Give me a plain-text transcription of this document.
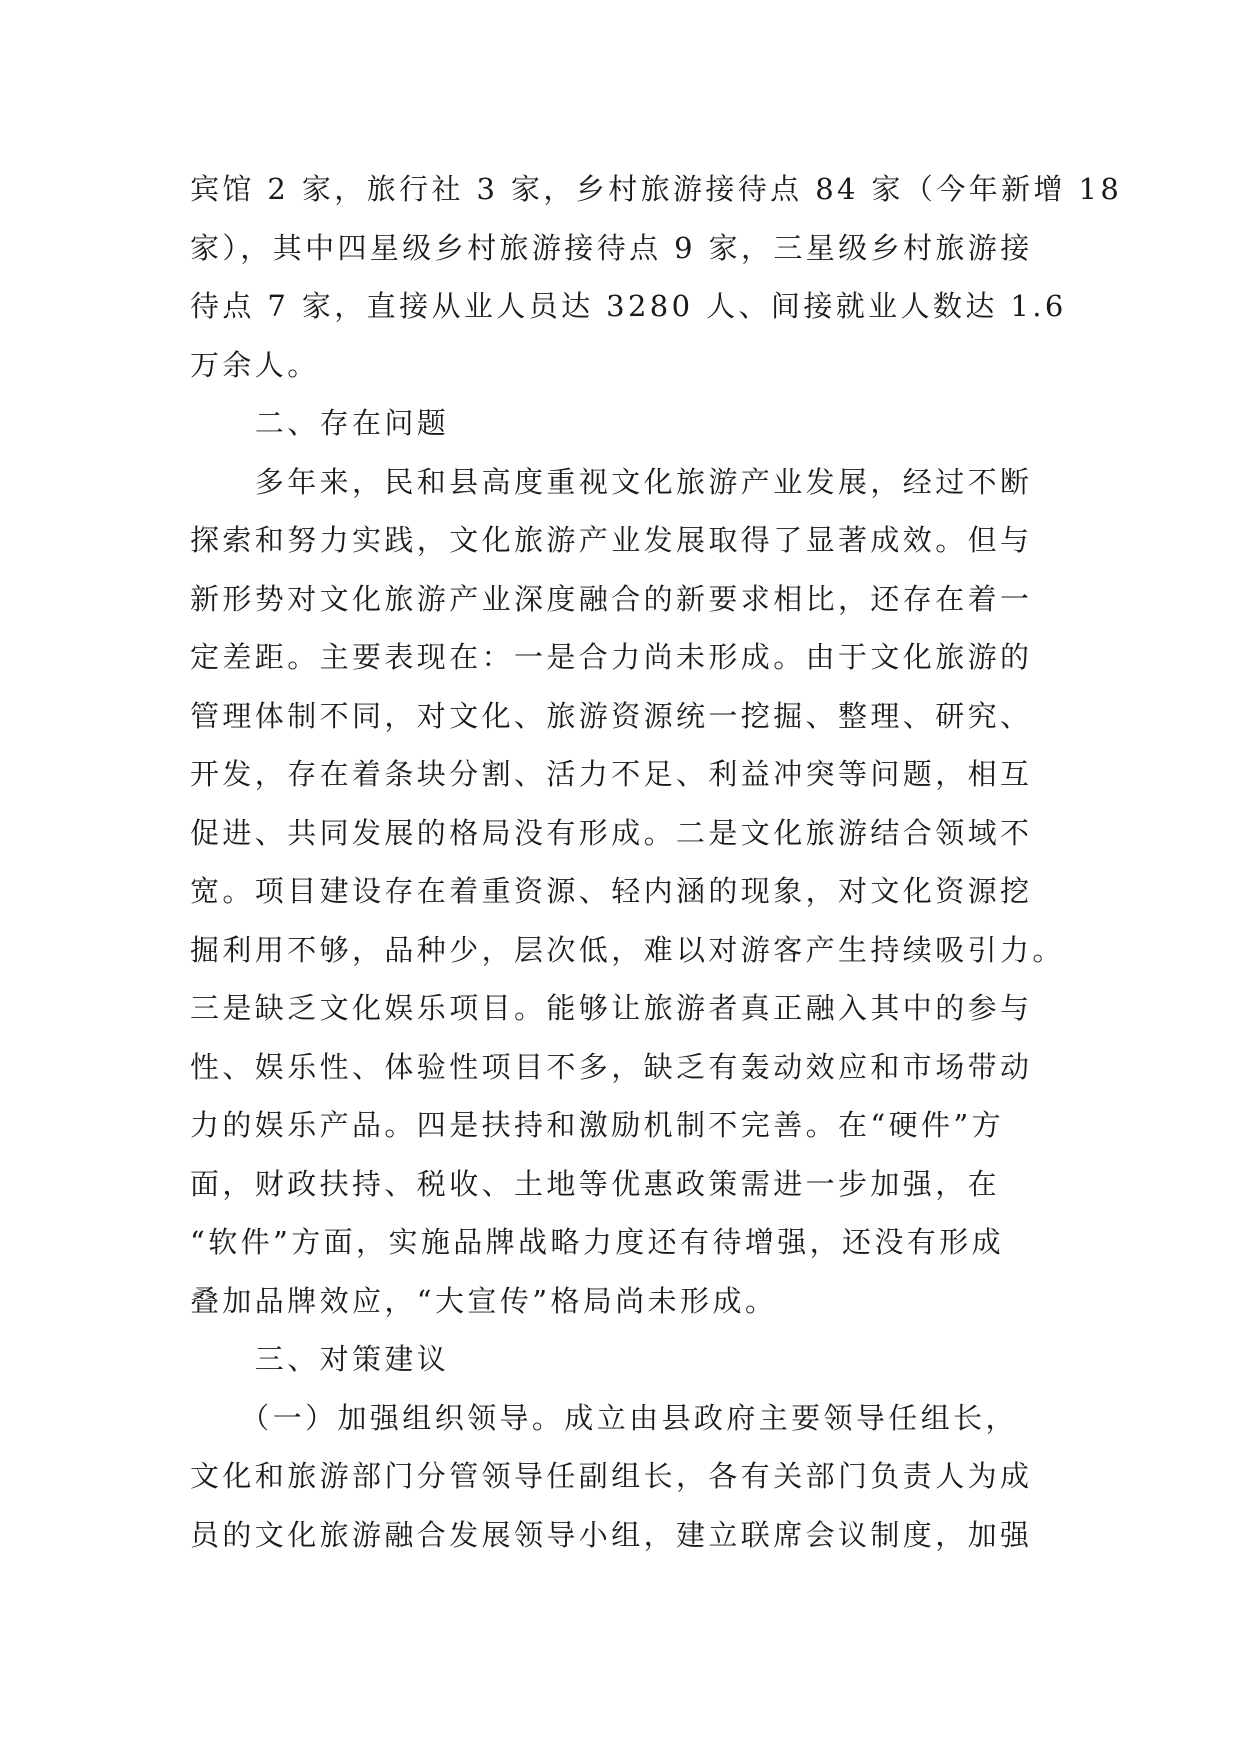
宾馆 2 家，旅行社 3 家，乡村旅游接待点 84 家（今年新增 18
家），其中四星级乡村旅游接待点 9 家，三星级乡村旅游接
待点 7 家，直接从业人员达 3280 人、间接就业人数达 1.6
万余人。
　　二、存在问题
　　多年来，民和县高度重视文化旅游产业发展，经过不断
探索和努力实践，文化旅游产业发展取得了显著成效。但与
新形势对文化旅游产业深度融合的新要求相比，还存在着一
定差距。主要表现在：一是合力尚未形成。由于文化旅游的
管理体制不同，对文化、旅游资源统一挖掘、整理、研究、
开发，存在着条块分割、活力不足、利益冲突等问题，相互
促进、共同发展的格局没有形成。二是文化旅游结合领域不
宽。项目建设存在着重资源、轻内涵的现象，对文化资源挖
掘利用不够，品种少，层次低，难以对游客产生持续吸引力。
三是缺乏文化娱乐项目。能够让旅游者真正融入其中的参与
性、娱乐性、体验性项目不多，缺乏有轰动效应和市场带动
力的娱乐产品。四是扶持和激励机制不完善。在“硬件”方
面，财政扶持、税收、土地等优惠政策需进一步加强，在
“软件”方面，实施品牌战略力度还有待增强，还没有形成
叠加品牌效应，“大宣传”格局尚未形成。
　　三、对策建议
　　（一）加强组织领导。成立由县政府主要领导任组长，
文化和旅游部门分管领导任副组长，各有关部门负责人为成
员的文化旅游融合发展领导小组，建立联席会议制度，加强
